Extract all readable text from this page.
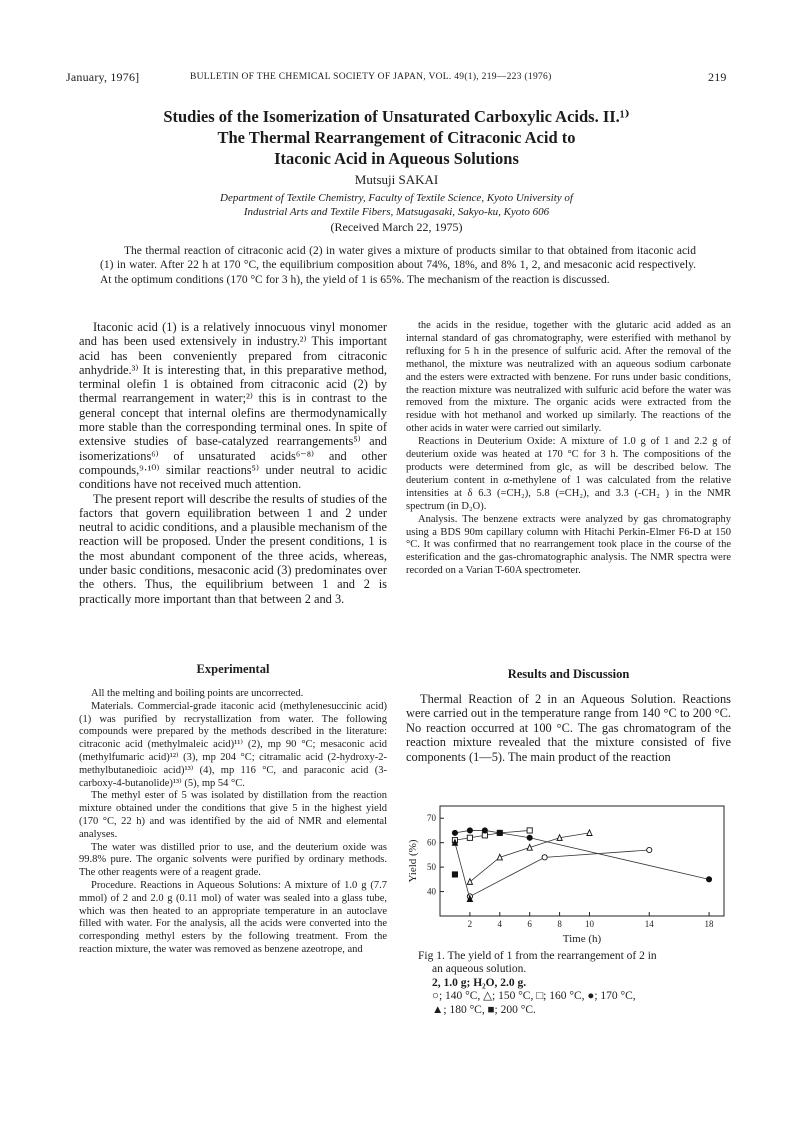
January, 1976]	BULLETIN OF THE CHEMICAL SOCIETY OF JAPAN, VOL. 49(1), 219—223 (1976)	219
Studies of the Isomerization of Unsaturated Carboxylic Acids. II.¹⁾
The Thermal Rearrangement of Citraconic Acid to
Itaconic Acid in Aqueous Solutions
Mutsuji SAKAI
Department of Textile Chemistry, Faculty of Textile Science, Kyoto University of
Industrial Arts and Textile Fibers, Matsugasaki, Sakyo-ku, Kyoto 606
(Received March 22, 1975)
The thermal reaction of citraconic acid (2) in water gives a mixture of products similar to that obtained from itaconic acid (1) in water. After 22 h at 170 °C, the equilibrium composition about 74%, 18%, and 8% 1, 2, and mesaconic acid respectively. At the optimum conditions (170 °C for 3 h), the yield of 1 is 65%. The mechanism of the reaction is discussed.

Itaconic acid (1) is a relatively innocuous vinyl monomer and has been used extensively in industry.²⁾ This important acid has been conveniently prepared from citraconic anhydride.³⁾ It is interesting that, in this preparative method, terminal olefin 1 is obtained from citraconic acid (2) by thermal rearrangement in water;²⁾ this is in contrast to the general concept that internal olefins are thermodynamically more stable than the corresponding terminal ones. In spite of extensive studies of base-catalyzed rearrangements⁵⁾ and isomerizations⁶⁾ of unsaturated acids⁶⁻⁸⁾ and other compounds,⁹·¹⁰⁾ similar reactions⁵⁾ under neutral to acidic conditions have not received much attention.

The present report will describe the results of studies of the factors that govern equilibration between 1 and 2 under neutral to acidic conditions, and a plausible mechanism of the reaction will be proposed. Under the present conditions, 1 is the most abundant component of the three acids, whereas, under basic conditions, mesaconic acid (3) predominates over the others. Thus, the equilibrium between 1 and 2 is practically more important than that between 2 and 3.

the acids in the residue, together with the glutaric acid added as an internal standard of gas chromatography, were esterified with methanol by refluxing for 5 h in the presence of sulfuric acid. After the removal of the methanol, the mixture was neutralized with an aqueous sodium carbonate and the esters were extracted with benzene. For runs under basic conditions, the reaction mixture was neutralized with sulfuric acid before the water was removed from the mixture. The organic acids were extracted from the residue with hot methanol and worked up similarly. The reactions of the other acids in water were carried out similarly.

Reactions in Deuterium Oxide: A mixture of 1.0 g of 1 and 2.2 g of deuterium oxide was heated at 170 °C for 3 h. The compositions of the products were determined from glc, as will be described below. The deuterium content in α-methylene of 1 was calculated from the relative intensities at δ 6.3 (=CH₂), 5.8 (=CH₂), and 3.3 (-CH₂ ) in the NMR spectrum (in D₂O).

Analysis. The benzene extracts were analyzed by gas chromatography using a BDS 90m capillary column with Hitachi Perkin-Elmer F6-D at 150 °C. It was confirmed that no rearrangement took place in the course of the esterification and the gas-chromatographic analysis. The NMR spectra were recorded on a Varian T-60A spectrometer.

Experimental

All the melting and boiling points are uncorrected.

Materials. Commercial-grade itaconic acid (methylenesuccinic acid) (1) was purified by recrystallization from water. The following compounds were prepared by the methods described in the literature: citraconic acid (methylmaleic acid)¹¹⁾ (2), mp 90 °C; mesaconic acid (methylfumaric acid)¹²⁾ (3), mp 204 °C; citramalic acid (2-hydroxy-2-methylbutanedioic acid)¹³⁾ (4), mp 116 °C, and paraconic acid (3-carboxy-4-butanolide)¹³⁾ (5), mp 54 °C.

The methyl ester of 5 was isolated by distillation from the reaction mixture obtained under the conditions that give 5 in the highest yield (170 °C, 22 h) and was identified by the aid of NMR and elemental analyses.

The water was distilled prior to use, and the deuterium oxide was 99.8% pure. The organic solvents were purified by ordinary methods. The other reagents were of a reagent grade.

Procedure. Reactions in Aqueous Solutions: A mixture of 1.0 g (7.7 mmol) of 2 and 2.0 g (0.11 mol) of water was sealed into a glass tube, which was then heated to an appropriate temperature in an autoclave filled with water. For the analysis, all the acids were converted into the corresponding methyl esters by the following treatment. From the reaction mixture, the water was removed as benzene azeotrope, and

Results and Discussion

Thermal Reaction of 2 in an Aqueous Solution. Reactions were carried out in the temperature range from 140 °C to 200 °C. No reaction occurred at 100 °C. The gas chromatogram of the reaction mixture revealed that the mixture consisted of five components (1—5). The main product of the reaction

2	4	6	8	10	14	18
40
50
60
70
Time (h)
Yield (%)
Fig 1. The yield of 1 from the rearrangement of 2 in
an aqueous solution.
2, 1.0 g; H₂O, 2.0 g.
○; 140 °C, △; 150 °C, □; 160 °C, ●; 170 °C,
▲; 180 °C, ■; 200 °C.
